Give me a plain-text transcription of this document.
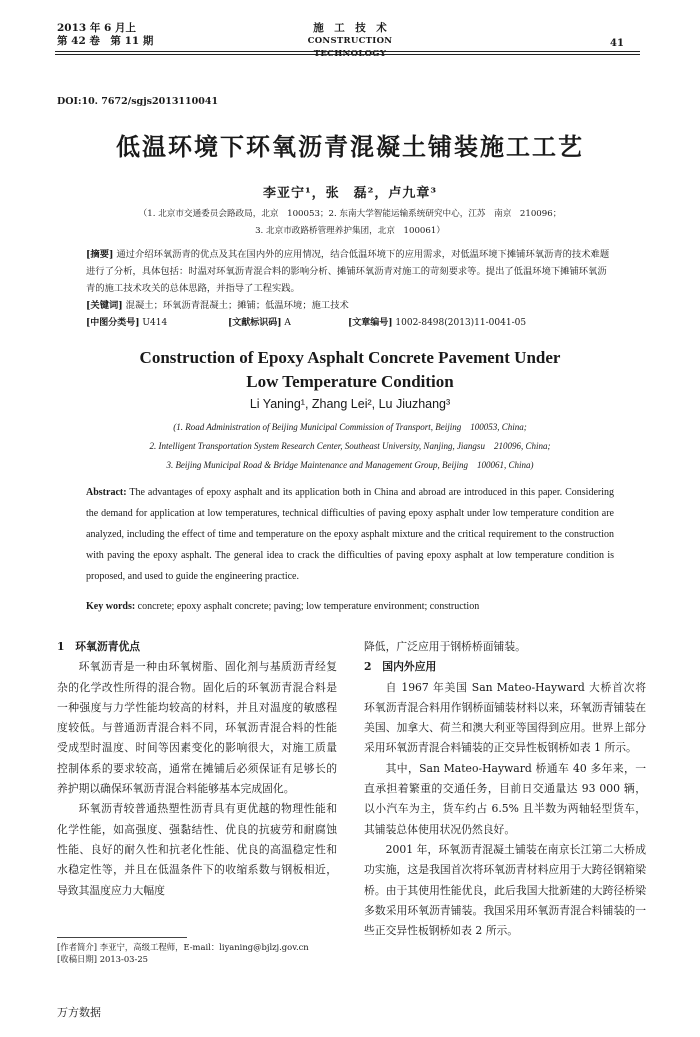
2013 年 6 月上
第 42 卷　第 11 期
施　工　技　术
CONSTRUCTION TECHNOLOGY
41
DOI:10. 7672/sgjs2013110041
低温环境下环氧沥青混凝土铺装施工工艺
李亚宁¹，张　磊²，卢九章³
（1. 北京市交通委员会路政局，北京　100053；2. 东南大学智能运输系统研究中心，江苏　南京　210096；
3. 北京市政路桥管理养护集团，北京　100061）
[摘要] 通过介绍环氧沥青的优点及其在国内外的应用情况，结合低温环境下的应用需求，对低温环境下摊铺环氧沥青的技术难题进行了分析，具体包括：时温对环氧沥青混合料的影响分析、摊铺环氧沥青对施工的苛刻要求等。提出了低温环境下摊铺环氧沥青的施工技术攻关的总体思路，并指导了工程实践。
[关键词] 混凝土；环氧沥青混凝土；摊铺；低温环境；施工技术
[中图分类号] U414	[文献标识码] A	[文章编号] 1002-8498(2013)11-0041-05
Construction of Epoxy Asphalt Concrete Pavement Under
Low Temperature Condition
Li Yaning¹, Zhang Lei², Lu Jiuzhang³
(1. Road Administration of Beijing Municipal Commission of Transport, Beijing　100053, China;
2. Intelligent Transportation System Research Center, Southeast University, Nanjing, Jiangsu　210096, China;
3. Beijing Municipal Road & Bridge Maintenance and Management Group, Beijing　100061, China)
Abstract: The advantages of epoxy asphalt and its application both in China and abroad are introduced in this paper. Considering the demand for application at low temperatures, technical difficulties of paving epoxy asphalt under low temperature condition are analyzed, including the effect of time and temperature on the epoxy asphalt mixture and the critical requirement to the construction with paving the epoxy asphalt. The general idea to crack the difficulties of paving epoxy asphalt at low temperature condition is proposed, and used to guide the engineering practice.
Key words: concrete; epoxy asphalt concrete; paving; low temperature environment; construction
1　环氧沥青优点
环氧沥青是一种由环氧树脂、固化剂与基质沥青经复杂的化学改性所得的混合物。固化后的环氧沥青混合料是一种强度与力学性能均较高的材料，并且对温度的敏感程度较低。与普通沥青混合料不同，环氧沥青混合料的性能受成型时温度、时间等因素变化的影响很大，对施工质量控制体系的要求较高，通常在摊铺后必须保证有足够长的养护期以确保环氧沥青混合料能够基本完成固化。
环氧沥青较普通热塑性沥青具有更优越的物理性能和化学性能，如高强度、强黏结性、优良的抗疲劳和耐腐蚀性能、良好的耐久性和抗老化性能、优良的高温稳定性和水稳定性等，并且在低温条件下的收缩系数与钢板相近，导致其温度应力大幅度
降低，广泛应用于钢桥桥面铺装。
2　国内外应用
自 1967 年美国 San Mateo-Hayward 大桥首次将环氧沥青混合料用作钢桥面铺装材料以来，环氧沥青铺装在美国、加拿大、荷兰和澳大利亚等国得到应用。世界上部分采用环氧沥青混合料铺装的正交异性板钢桥如表 1 所示。
其中，San Mateo-Hayward 桥通车 40 多年来，一直承担着繁重的交通任务，目前日交通量达 93 000 辆，以小汽车为主，货车约占 6.5% 且半数为两轴轻型货车，其铺装总体使用状况仍然良好。
2001 年，环氧沥青混凝土铺装在南京长江第二大桥成功实施，这是我国首次将环氧沥青材料应用于大跨径钢箱梁桥。由于其使用性能优良，此后我国大批新建的大跨径桥梁多数采用环氧沥青铺装。我国采用环氧沥青混合料铺装的一些正交异性板钢桥如表 2 所示。
[作者简介] 李亚宁，高级工程师，E-mail：liyaning@bjlzj.gov.cn
[收稿日期] 2013-03-25
万方数据
